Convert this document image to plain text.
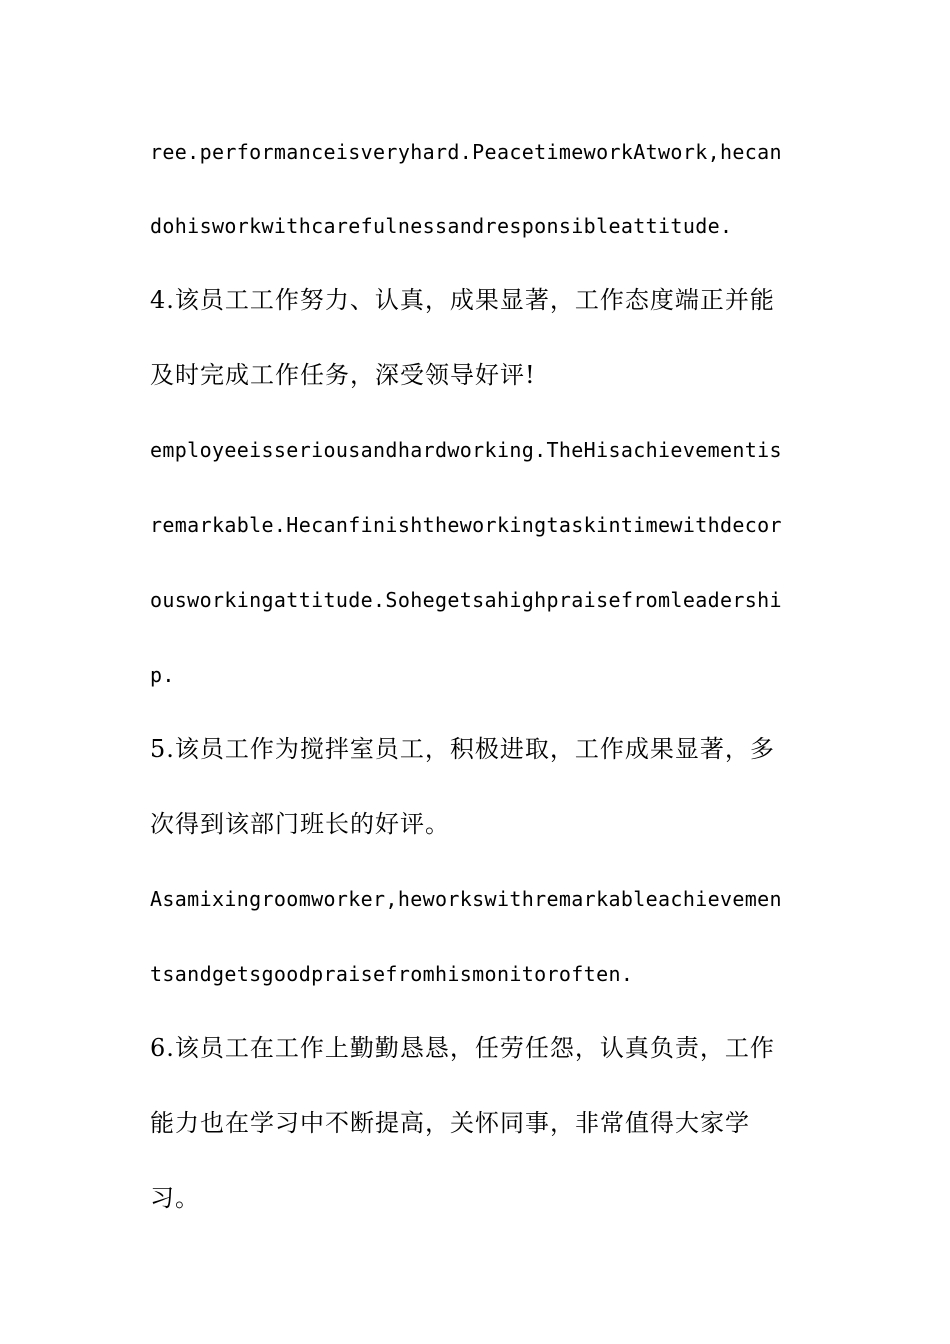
ree.performanceisveryhard.PeacetimeworkAtwork,hecan
dohisworkwithcarefulnessandresponsibleattitude.
4.该员工工作努力、认真，成果显著，工作态度端正并能
及时完成工作任务，深受领导好评!
employeeisseriousandhardworking.TheHisachievementis
remarkable.Hecanfinishtheworkingtaskintimewithdecor
ousworkingattitude.Sohegetsahighpraisefromleadershi
p.
5.该员工作为搅拌室员工，积极进取，工作成果显著，多
次得到该部门班长的好评。
Asamixingroomworker,heworkswithremarkableachievemen
tsandgetsgoodpraisefromhismonitoroften.
6.该员工在工作上勤勤恳恳，任劳任怨，认真负责，工作
能力也在学习中不断提高，关怀同事，非常值得大家学
习。
